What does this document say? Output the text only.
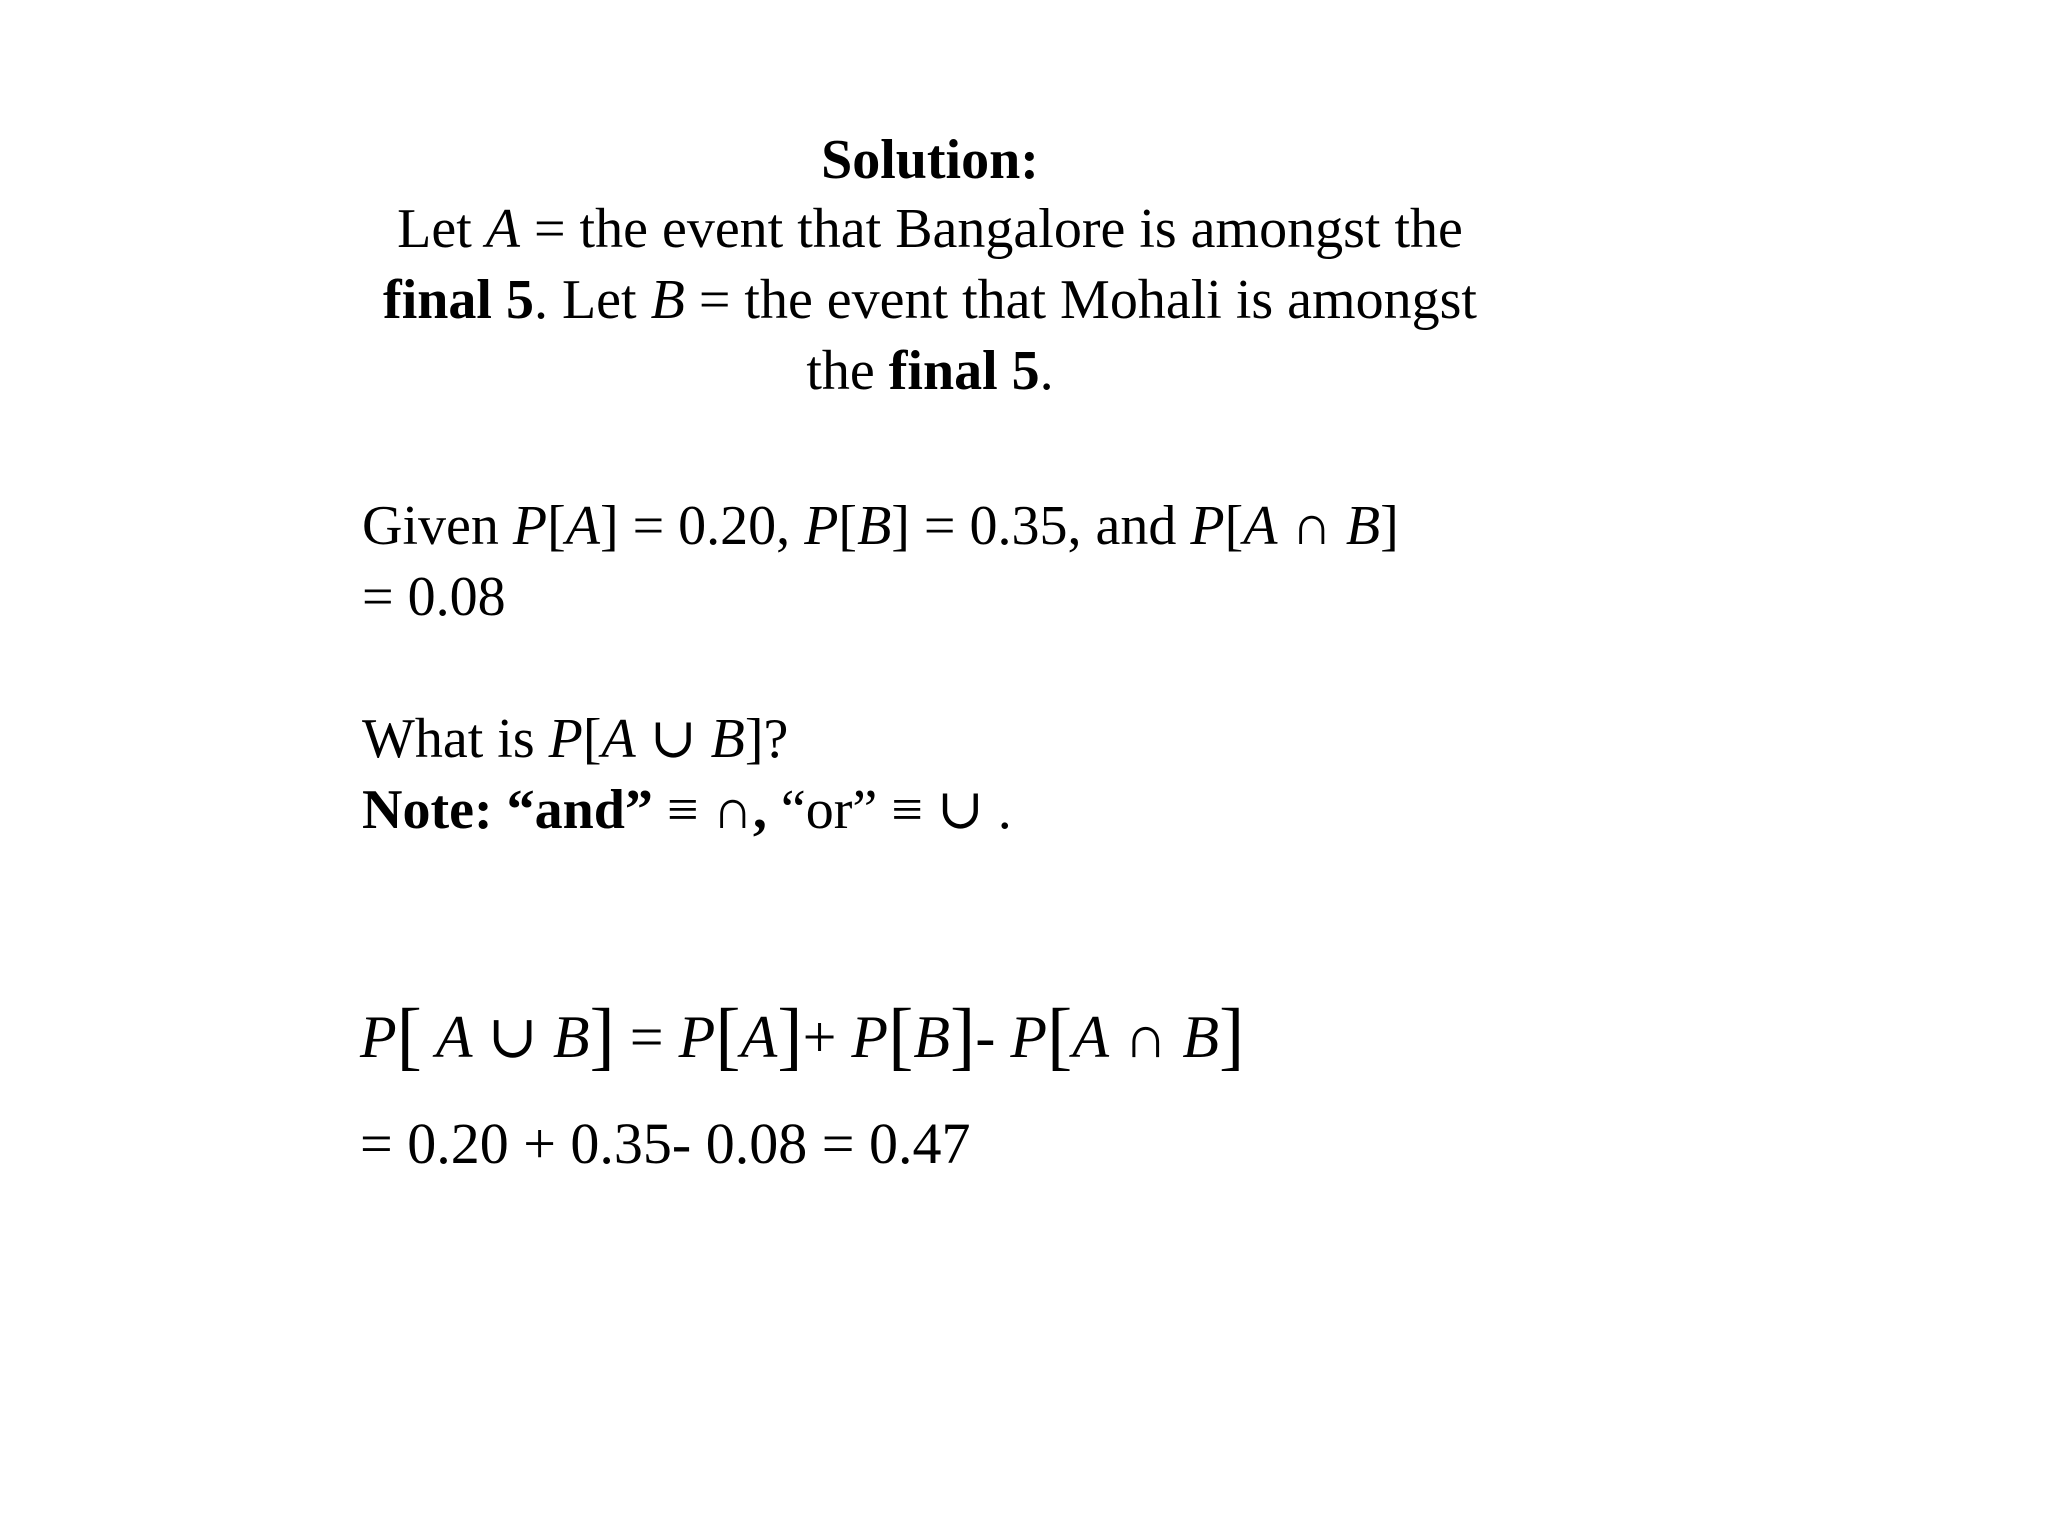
Solution:
Let A = the event that Bangalore is amongst the
final 5. Let B = the event that Mohali is amongst
the final 5.
Given P[A] = 0.20, P[B] = 0.35, and P[A ∩ B]
= 0.08
What is P[A ∪ B]?
Note: “and” ≡ ∩, “or” ≡ ∪ .
P[ A ∪ B] = P[A]+ P[B]- P[A ∩ B]
= 0.20 + 0.35- 0.08 = 0.47
